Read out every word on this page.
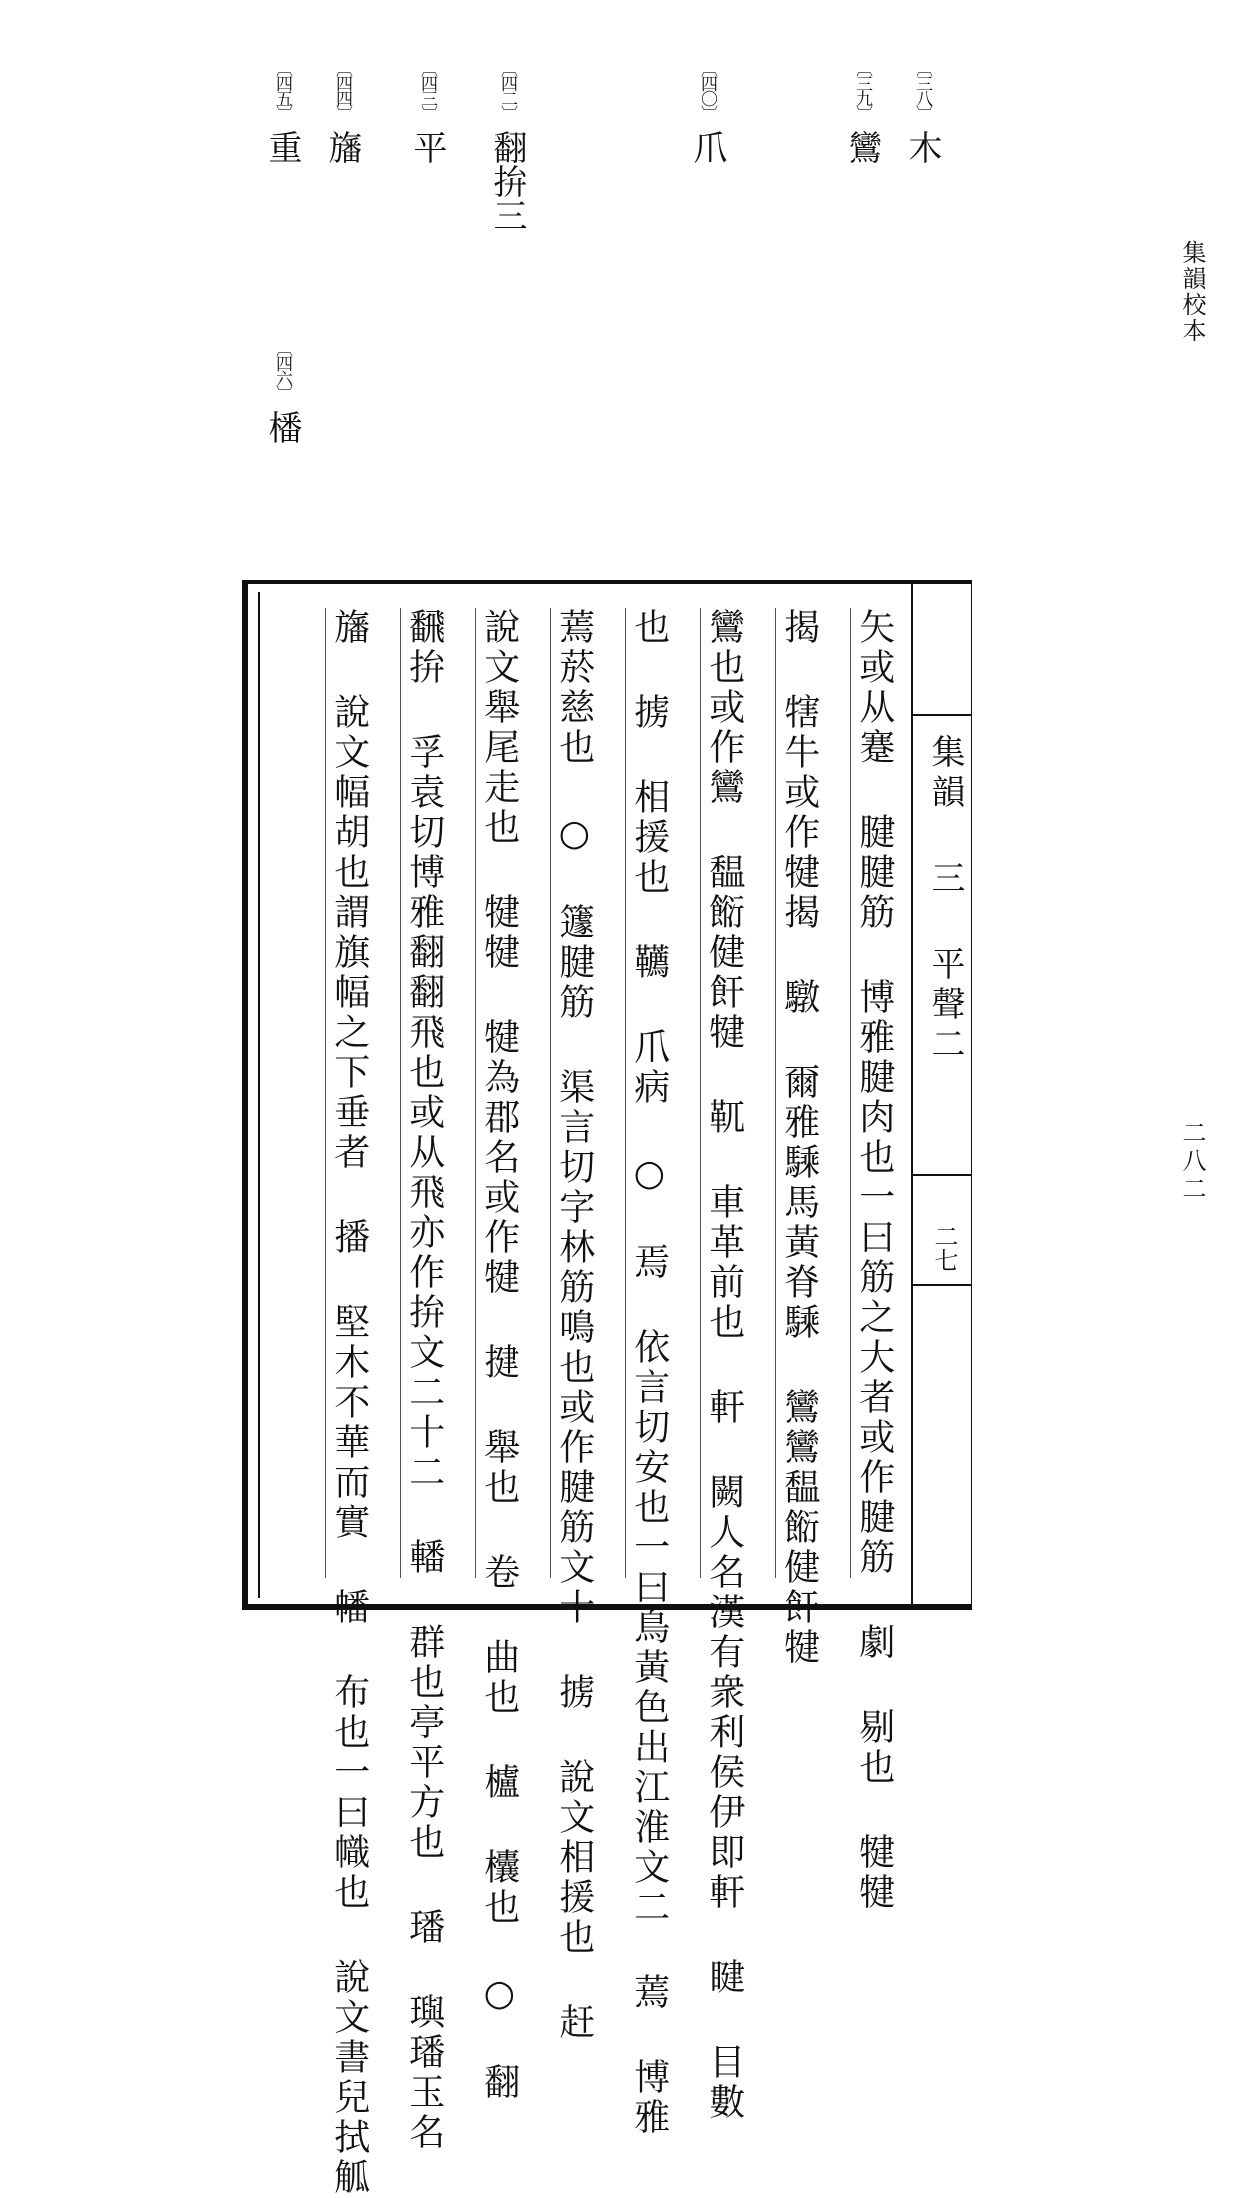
集韻校本
二八二
〔三八〕木
〔三九〕鸞
〔四〇〕爪
〔四二〕翻拚三
〔四三〕平
〔四四〕旛
〔四五〕重
〔四六〕橎
矢或从蹇 腱腱筋 博雅腱肉也一曰筋之大者或作腱筋 劇 剔也 犍犍
揭 犗牛或作犍揭 驐 爾雅騬馬黃脊騬 鸞鸞馧餰健飦犍
鸞也或作鸞 馧餰健飦犍 靰 車革前也 軒 闕人名漢有衆利侯伊即軒 睷 目數
也 掳 相援也 韉 爪病 ○ 焉 依言切安也一曰鳥黃色出江淮文二 蔫 博雅
蔫菸慈也 ○ 籧腱筋 渠言切字林筋鳴也或作腱筋文十 掳 說文相援也 赶
說文舉尾走也 犍犍 犍為郡名或作犍 揵 舉也 卷 曲也 櫨 欜也 ○ 翻
飜拚 孚袁切博雅翻翻飛也或从飛亦作拚文二十二 轓 群也亭平方也 璠 璵璠玉名
旛 說文幅胡也謂旗幅之下垂者 播 堅木不華而實 幡 布也一曰幟也 說文書兒拭觚	集韻 三 平聲二
二七
